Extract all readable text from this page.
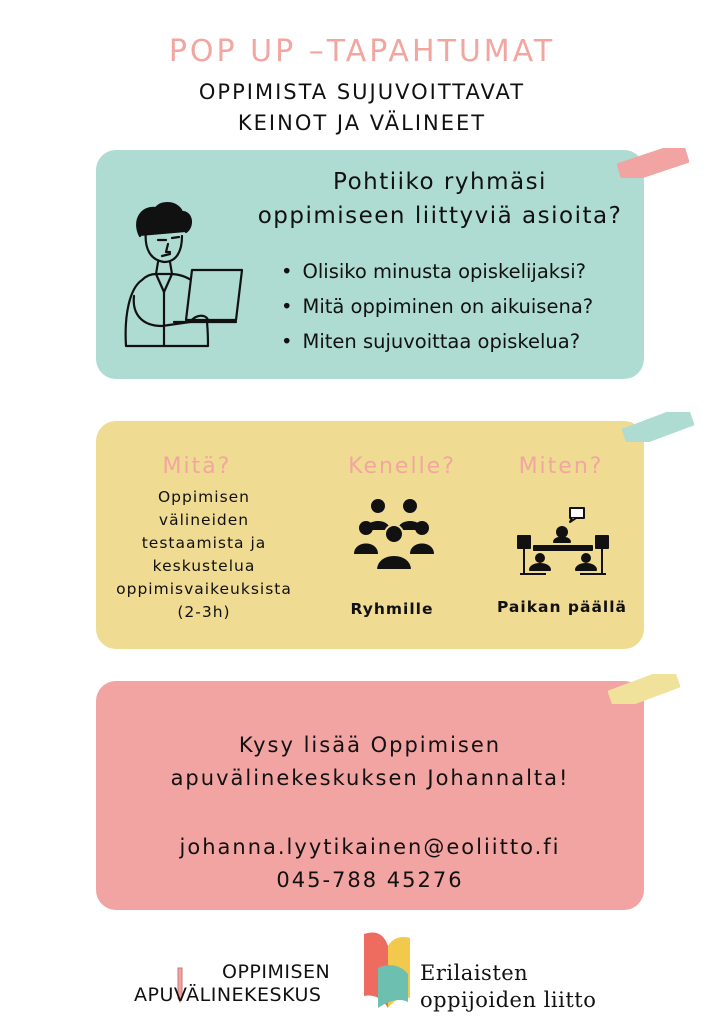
POP UP –TAPAHTUMAT
OPPIMISTA SUJUVOITTAVAT
KEINOT JA VÄLINEET
Pohtiiko ryhmäsi
oppimiseen liittyviä asioita?
• Olisiko minusta opiskelijaksi?
• Mitä oppiminen on aikuisena?
• Miten sujuvoittaa opiskelua?
Mitä?	Kenelle?	Miten?
Oppimisen
välineiden
testaamista ja
keskustelua
oppimisvaikeuksista
(2-3h)	Ryhmille	Paikan päällä
Kysy lisää Oppimisen
apuvälinekeskuksen Johannalta!
johanna.lyytikainen@eoliitto.fi
045-788 45276
OPPIMISEN
APUVÄLINEKESKUS
Erilaisten
oppijoiden liitto
